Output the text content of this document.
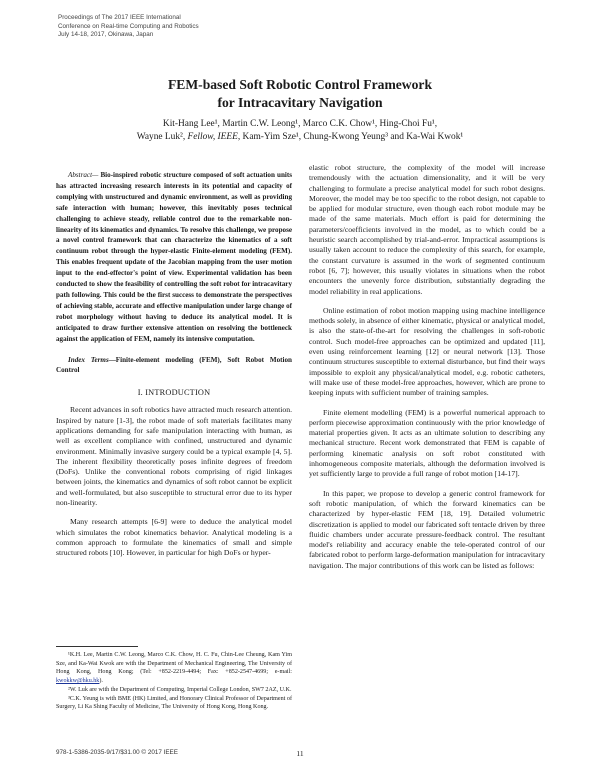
Proceedings of The 2017 IEEE International
Conference on Real-time Computing and Robotics
July 14-18, 2017, Okinawa, Japan
FEM-based Soft Robotic Control Framework
for Intracavitary Navigation
Kit-Hang Lee¹, Martin C.W. Leong¹, Marco C.K. Chow¹, Hing-Choi Fu¹,
Wayne Luk², Fellow, IEEE, Kam-Yim Sze¹, Chung-Kwong Yeung³ and Ka-Wai Kwok¹

Abstract— Bio-inspired robotic structure composed of soft actuation units has attracted increasing research interests in its potential and capacity of complying with unstructured and dynamic environment, as well as providing safe interaction with human; however, this inevitably poses technical challenging to achieve steady, reliable control due to the remarkable non-linearity of its kinematics and dynamics. To resolve this challenge, we propose a novel control framework that can characterize the kinematics of a soft continuum robot through the hyper-elastic Finite-element modeling (FEM). This enables frequent update of the Jacobian mapping from the user motion input to the end-effector's point of view. Experimental validation has been conducted to show the feasibility of controlling the soft robot for intracavitary path following. This could be the first success to demonstrate the perspectives of achieving stable, accurate and effective manipulation under large change of robot morphology without having to deduce its analytical model. It is anticipated to draw further extensive attention on resolving the bottleneck against the application of FEM, namely its intensive computation.

Index Terms—Finite-element modeling (FEM), Soft Robot Motion Control

I. INTRODUCTION

Recent advances in soft robotics have attracted much research attention. Inspired by nature [1-3], the robot made of soft materials facilitates many applications demanding for safe manipulation interacting with human, as well as excellent compliance with confined, unstructured and dynamic environment. Minimally invasive surgery could be a typical example [4, 5]. The inherent flexibility theoretically poses infinite degrees of freedom (DoFs). Unlike the conventional robots comprising of rigid linkages between joints, the kinematics and dynamics of soft robot cannot be explicit and well-formulated, but also susceptible to structural error due to its hyper non-linearity.

Many research attempts [6-9] were to deduce the analytical model which simulates the robot kinematics behavior. Analytical modeling is a common approach to formulate the kinematics of small and simple structured robots [10]. However, in particular for high DoFs or hyper-

elastic robot structure, the complexity of the model will increase tremendously with the actuation dimensionality, and it will be very challenging to formulate a precise analytical model for such robot designs. Moreover, the model may be too specific to the robot design, not capable to be applied for modular structure, even though each robot module may be made of the same materials. Much effort is paid for determining the parameters/coefficients involved in the model, as to which could be a heuristic search accomplished by trial-and-error. Impractical assumptions is usually taken account to reduce the complexity of this search, for example, the constant curvature is assumed in the work of segmented continuum robot [6, 7]; however, this usually violates in situations when the robot encounters the unevenly force distribution, substantially degrading the model reliability in real applications.

Online estimation of robot motion mapping using machine intelligence methods solely, in absence of either kinematic, physical or analytical model, is also the state-of-the-art for resolving the challenges in soft-robotic control. Such model-free approaches can be optimized and updated [11], even using reinforcement learning [12] or neural network [13]. Those continuum structures susceptible to external disturbance, but find their ways impossible to exploit any physical/analytical model, e.g. robotic catheters, will make use of these model-free approaches, however, which are prone to keeping inputs with sufficient number of training samples.

Finite element modelling (FEM) is a powerful numerical approach to perform piecewise approximation continuously with the prior knowledge of material properties given. It acts as an ultimate solution to describing any mechanical structure. Recent work demonstrated that FEM is capable of performing kinematic analysis on soft robot constituted with inhomogeneous composite materials, although the deformation involved is yet sufficiently large to provide a full range of robot motion [14-17].

In this paper, we propose to develop a generic control framework for soft robotic manipulation, of which the forward kinematics can be characterized by hyper-elastic FEM [18, 19]. Detailed volumetric discretization is applied to model our fabricated soft tentacle driven by three fluidic chambers under accurate pressure-feedback control. The resultant model's reliability and accuracy enable the tele-operated control of our fabricated robot to perform large-deformation manipulation for intracavitary navigation. The major contributions of this work can be listed as follows:

¹K.H. Lee, Martin C.W. Leong, Marco C.K. Chow, H. C. Fu, Chin-Lee Cheung, Kam Yim Sze, and Ka-Wai Kwok are with the Department of Mechanical Engineering, The University of Hong Kong, Hong Kong; (Tel: +852-2219-4494; Fax: +852-2547-4699; e-mail: kwokkw@hku.hk).

²W. Luk are with the Department of Computing, Imperial College London, SW7 2AZ, U.K.

³C.K. Yeung is with BME (HK) Limited, and Honorary Clinical Professor of Department of Surgery, Li Ka Shing Faculty of Medicine, The University of Hong Kong, Hong Kong.

978-1-5386-2035-9/17/$31.00 © 2017 IEEE	11
